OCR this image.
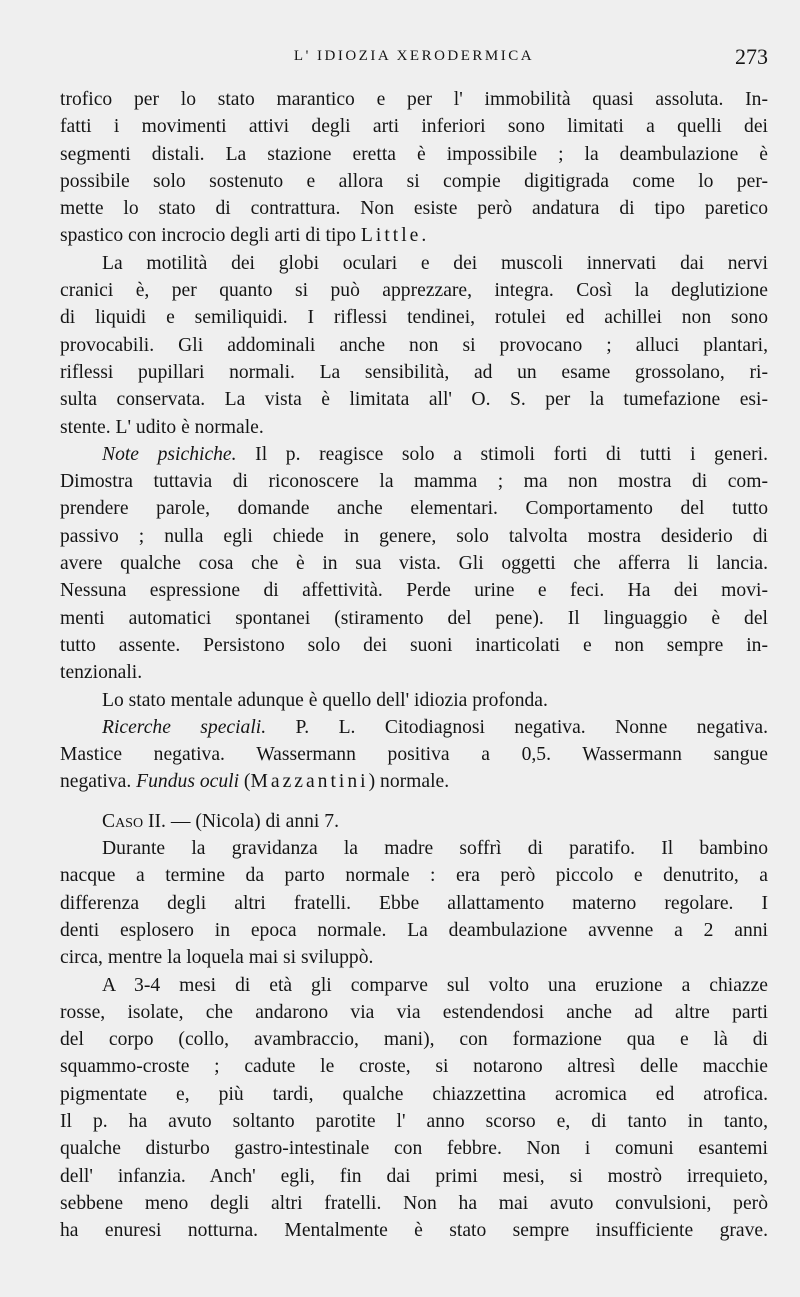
L' IDIOZIA XERODERMICA	273

trofico per lo stato marantico e per l' immobilità quasi assoluta. In-

fatti i movimenti attivi degli arti inferiori sono limitati a quelli dei

segmenti distali. La stazione eretta è impossibile ; la deambulazione è

possibile solo sostenuto e allora si compie digitigrada come lo per-

mette lo stato di contrattura. Non esiste però andatura di tipo paretico

spastico con incrocio degli arti di tipo Little.

La motilità dei globi oculari e dei muscoli innervati dai nervi

cranici è, per quanto si può apprezzare, integra. Così la deglutizione

di liquidi e semiliquidi. I riflessi tendinei, rotulei ed achillei non sono

provocabili. Gli addominali anche non si provocano ; alluci plantari,

riflessi pupillari normali. La sensibilità, ad un esame grossolano, ri-

sulta conservata. La vista è limitata all' O. S. per la tumefazione esi-

stente. L' udito è normale.

Note psichiche. Il p. reagisce solo a stimoli forti di tutti i generi.

Dimostra tuttavia di riconoscere la mamma ; ma non mostra di com-

prendere parole, domande anche elementari. Comportamento del tutto

passivo ; nulla egli chiede in genere, solo talvolta mostra desiderio di

avere qualche cosa che è in sua vista. Gli oggetti che afferra li lancia.

Nessuna espressione di affettività. Perde urine e feci. Ha dei movi-

menti automatici spontanei (stiramento del pene). Il linguaggio è del

tutto assente. Persistono solo dei suoni inarticolati e non sempre in-

tenzionali.

Lo stato mentale adunque è quello dell' idiozia profonda.

Ricerche speciali. P. L. Citodiagnosi negativa. Nonne negativa.

Mastice negativa. Wassermann positiva a 0,5. Wassermann sangue

negativa. Fundus oculi (Mazzantini) normale.

Caso II. — (Nicola) di anni 7.

Durante la gravidanza la madre soffrì di paratifo. Il bambino

nacque a termine da parto normale : era però piccolo e denutrito, a

differenza degli altri fratelli. Ebbe allattamento materno regolare. I

denti esplosero in epoca normale. La deambulazione avvenne a 2 anni

circa, mentre la loquela mai si sviluppò.

A 3-4 mesi di età gli comparve sul volto una eruzione a chiazze

rosse, isolate, che andarono via via estendendosi anche ad altre parti

del corpo (collo, avambraccio, mani), con formazione qua e là di

squammo-croste ; cadute le croste, si notarono altresì delle macchie

pigmentate e, più tardi, qualche chiazzettina acromica ed atrofica.

Il p. ha avuto soltanto parotite l' anno scorso e, di tanto in tanto,

qualche disturbo gastro-intestinale con febbre. Non i comuni esantemi

dell' infanzia. Anch' egli, fin dai primi mesi, si mostrò irrequieto,

sebbene meno degli altri fratelli. Non ha mai avuto convulsioni, però

ha enuresi notturna. Mentalmente è stato sempre insufficiente grave.
